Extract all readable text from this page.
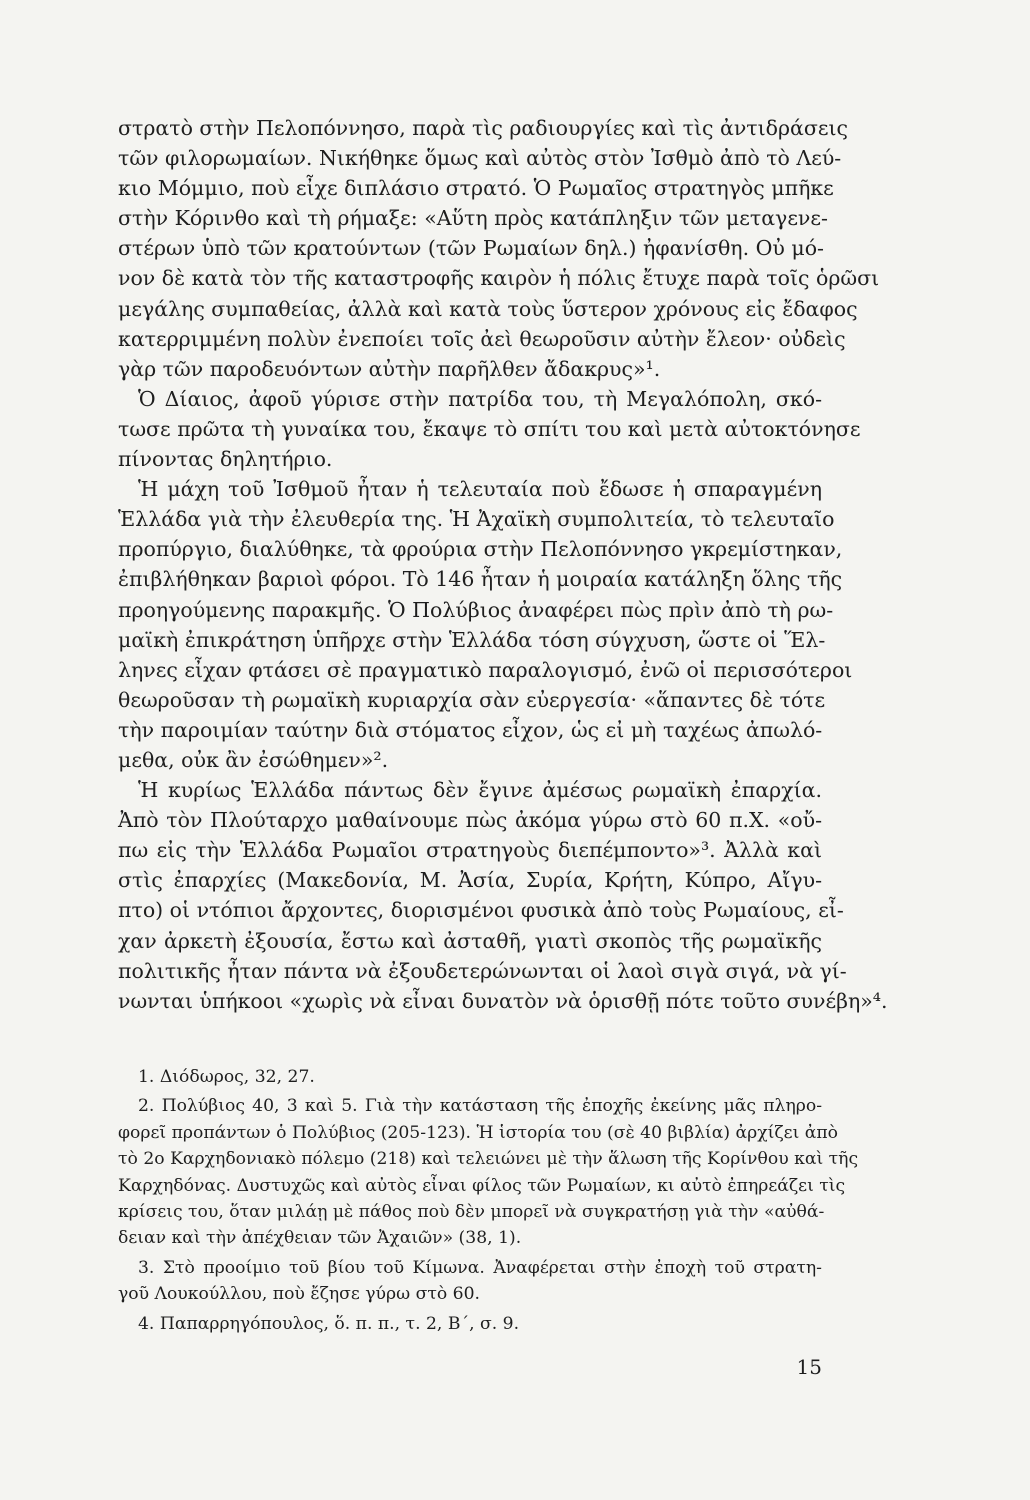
στρατὸ στὴν Πελοπόννησο, παρὰ τὶς ραδιουργίες καὶ τὶς ἀντιδράσεις
τῶν φιλορωμαίων. Νικήθηκε ὅμως καὶ αὐτὸς στὸν Ἰσθμὸ ἀπὸ τὸ Λεύ-
κιο Μόμμιο, ποὺ εἶχε διπλάσιο στρατό. Ὁ Ρωμαῖος στρατηγὸς μπῆκε
στὴν Κόρινθο καὶ τὴ ρήμαξε: «Αὕτη πρὸς κατάπληξιν τῶν μεταγενε-
στέρων ὑπὸ τῶν κρατούντων (τῶν Ρωμαίων δηλ.) ἠφανίσθη. Οὐ μό-
νον δὲ κατὰ τὸν τῆς καταστροφῆς καιρὸν ἡ πόλις ἔτυχε παρὰ τοῖς ὁρῶσι
μεγάλης συμπαθείας, ἀλλὰ καὶ κατὰ τοὺς ὕστερον χρόνους εἰς ἔδαφος
κατερριμμένη πολὺν ἐνεποίει τοῖς ἀεὶ θεωροῦσιν αὐτὴν ἔλεον· οὐδεὶς
γὰρ τῶν παροδευόντων αὐτὴν παρῆλθεν ἄδακρυς»¹.
Ὁ Δίαιος, ἀφοῦ γύρισε στὴν πατρίδα του, τὴ Μεγαλόπολη, σκό-
τωσε πρῶτα τὴ γυναίκα του, ἔκαψε τὸ σπίτι του καὶ μετὰ αὐτοκτόνησε
πίνοντας δηλητήριο.
Ἡ μάχη τοῦ Ἰσθμοῦ ἦταν ἡ τελευταία ποὺ ἔδωσε ἡ σπαραγμένη
Ἑλλάδα γιὰ τὴν ἐλευθερία της. Ἡ Ἀχαϊκὴ συμπολιτεία, τὸ τελευταῖο
προπύργιο, διαλύθηκε, τὰ φρούρια στὴν Πελοπόννησο γκρεμίστηκαν,
ἐπιβλήθηκαν βαριοὶ φόροι. Τὸ 146 ἦταν ἡ μοιραία κατάληξη ὅλης τῆς
προηγούμενης παρακμῆς. Ὁ Πολύβιος ἀναφέρει πὼς πρὶν ἀπὸ τὴ ρω-
μαϊκὴ ἐπικράτηση ὑπῆρχε στὴν Ἑλλάδα τόση σύγχυση, ὥστε οἱ Ἕλ-
ληνες εἶχαν φτάσει σὲ πραγματικὸ παραλογισμό, ἐνῶ οἱ περισσότεροι
θεωροῦσαν τὴ ρωμαϊκὴ κυριαρχία σὰν εὐεργεσία· «ἅπαντες δὲ τότε
τὴν παροιμίαν ταύτην διὰ στόματος εἶχον, ὡς εἰ μὴ ταχέως ἀπωλό-
μεθα, οὐκ ἂν ἐσώθημεν»².
Ἡ κυρίως Ἑλλάδα πάντως δὲν ἔγινε ἀμέσως ρωμαϊκὴ ἐπαρχία.
Ἀπὸ τὸν Πλούταρχο μαθαίνουμε πὼς ἀκόμα γύρω στὸ 60 π.Χ. «οὔ-
πω εἰς τὴν Ἑλλάδα Ρωμαῖοι στρατηγοὺς διεπέμποντο»³. Ἀλλὰ καὶ
στὶς ἐπαρχίες (Μακεδονία, Μ. Ἀσία, Συρία, Κρήτη, Κύπρο, Αἴγυ-
πτο) οἱ ντόπιοι ἄρχοντες, διορισμένοι φυσικὰ ἀπὸ τοὺς Ρωμαίους, εἶ-
χαν ἀρκετὴ ἐξουσία, ἔστω καὶ ἀσταθῆ, γιατὶ σκοπὸς τῆς ρωμαϊκῆς
πολιτικῆς ἦταν πάντα νὰ ἐξουδετερώνωνται οἱ λαοὶ σιγὰ σιγά, νὰ γί-
νωνται ὑπήκοοι «χωρὶς νὰ εἶναι δυνατὸν νὰ ὁρισθῇ πότε τοῦτο συνέβη»⁴.
1. Διόδωρος, 32, 27.
2. Πολύβιος 40, 3 καὶ 5. Γιὰ τὴν κατάσταση τῆς ἐποχῆς ἐκείνης μᾶς πληρο-
φορεῖ προπάντων ὁ Πολύβιος (205-123). Ἡ ἱστορία του (σὲ 40 βιβλία) ἀρχίζει ἀπὸ
τὸ 2ο Καρχηδονιακὸ πόλεμο (218) καὶ τελειώνει μὲ τὴν ἅλωση τῆς Κορίνθου καὶ τῆς
Καρχηδόνας. Δυστυχῶς καὶ αὐτὸς εἶναι φίλος τῶν Ρωμαίων, κι αὐτὸ ἐπηρεάζει τὶς
κρίσεις του, ὅταν μιλάῃ μὲ πάθος ποὺ δὲν μπορεῖ νὰ συγκρατήσῃ γιὰ τὴν «αὐθά-
δειαν καὶ τὴν ἀπέχθειαν τῶν Ἀχαιῶν» (38, 1).
3. Στὸ προοίμιο τοῦ βίου τοῦ Κίμωνα. Ἀναφέρεται στὴν ἐποχὴ τοῦ στρατη-
γοῦ Λουκούλλου, ποὺ ἔζησε γύρω στὸ 60.
4. Παπαρρηγόπουλος, ὅ. π. π., τ. 2, Β΄, σ. 9.
15
